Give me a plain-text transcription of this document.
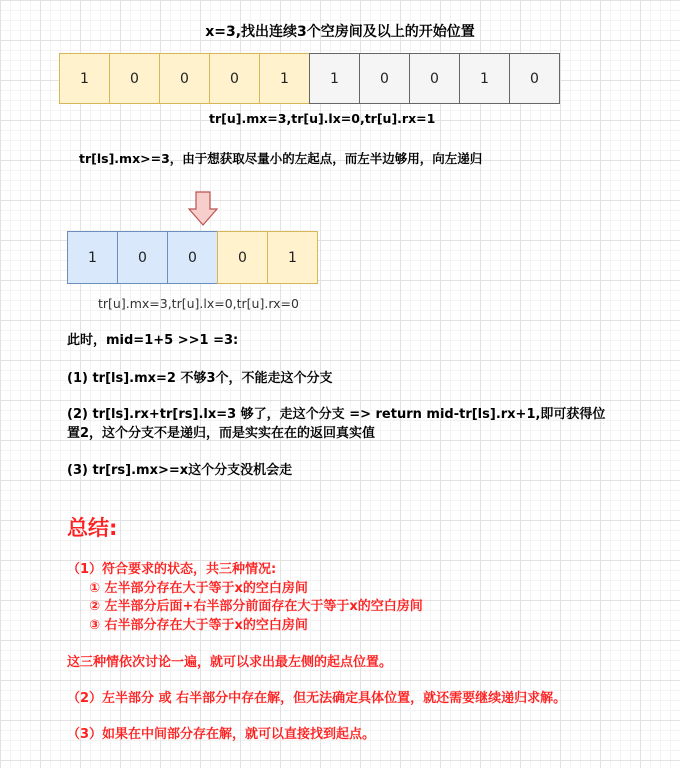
x=3,找出连续3个空房间及以上的开始位置
1	0	0	0	1	1	0	0	1	0
tr[u].mx=3,tr[u].lx=0,tr[u].rx=1
tr[ls].mx>=3，由于想获取尽量小的左起点，而左半边够用，向左递归
1	0	0	0	1
tr[u].mx=3,tr[u].lx=0,tr[u].rx=0
此时，mid=1+5 >>1 =3:
(1) tr[ls].mx=2 不够3个，不能走这个分支
(2) tr[ls].rx+tr[rs].lx=3 够了，走这个分支 => return mid-tr[ls].rx+1,即可获得位
置2，这个分支不是递归，而是实实在在的返回真实值
(3) tr[rs].mx>=x这个分支没机会走
总结:
（1）符合要求的状态，共三种情况:
① 左半部分存在大于等于x的空白房间
② 左半部分后面+右半部分前面存在大于等于x的空白房间
③ 右半部分存在大于等于x的空白房间
这三种情依次讨论一遍，就可以求出最左侧的起点位置。
（2）左半部分 或 右半部分中存在解，但无法确定具体位置，就还需要继续递归求解。
（3）如果在中间部分存在解，就可以直接找到起点。
